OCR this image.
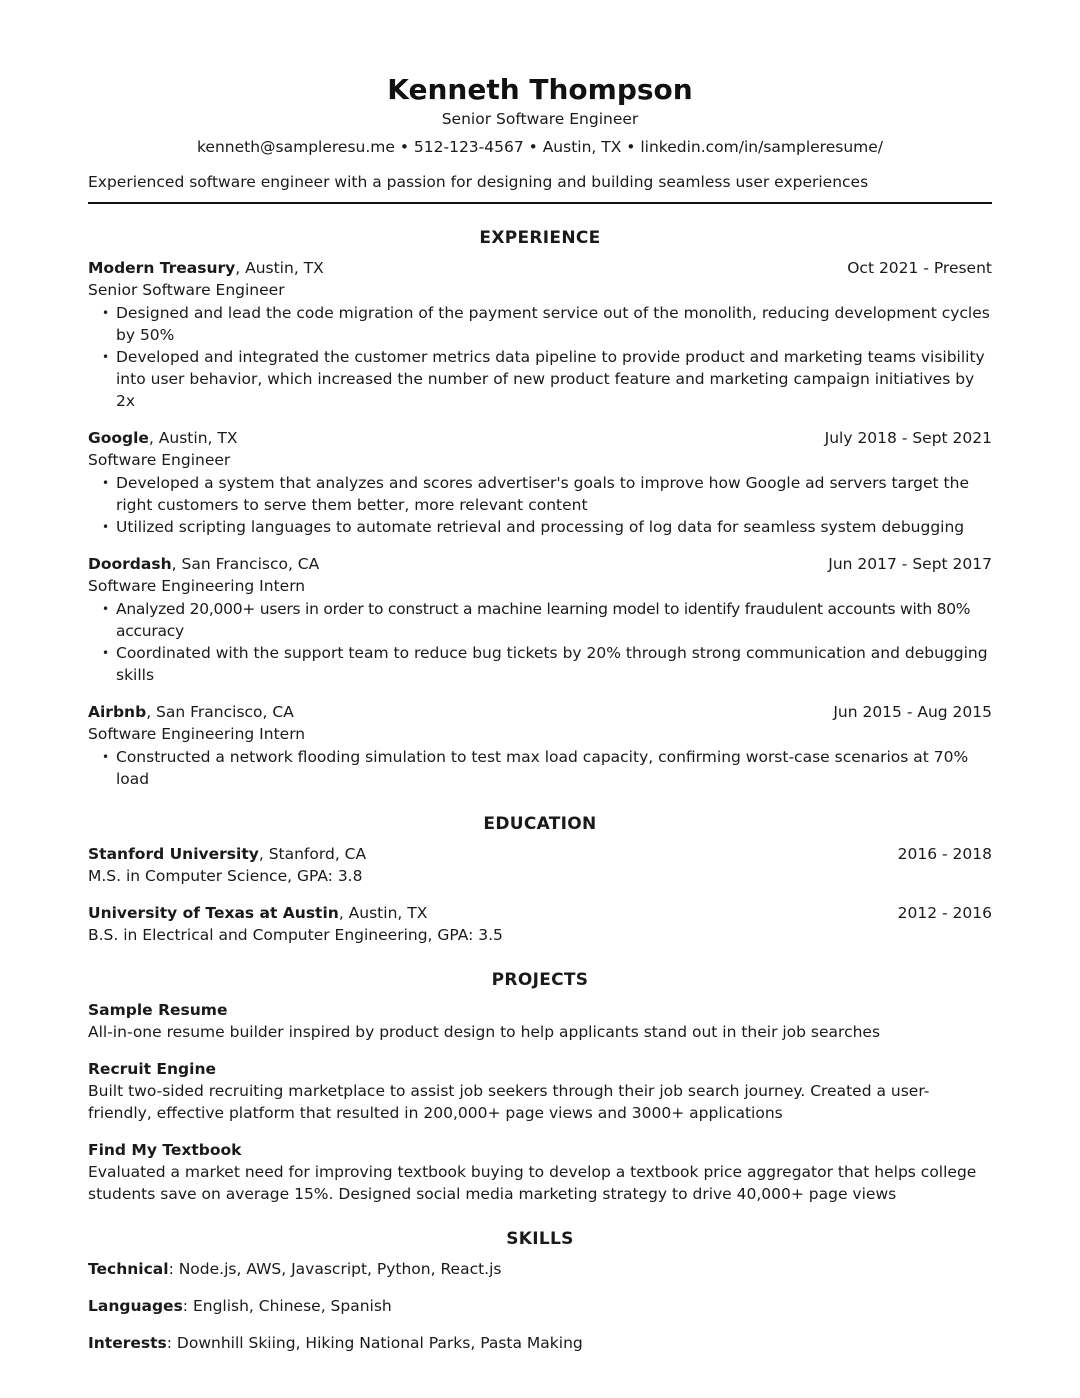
Kenneth Thompson
Senior Software Engineer
kenneth@sampleresu.me • 512-123-4567 • Austin, TX • linkedin.com/in/sampleresume/
Experienced software engineer with a passion for designing and building seamless user experiences
EXPERIENCE
Modern Treasury, Austin, TX	Oct 2021 - Present
Senior Software Engineer
• Designed and lead the code migration of the payment service out of the monolith, reducing development cycles by 50%
• Developed and integrated the customer metrics data pipeline to provide product and marketing teams visibility into user behavior, which increased the number of new product feature and marketing campaign initiatives by 2x
Google, Austin, TX	July 2018 - Sept 2021
Software Engineer
• Developed a system that analyzes and scores advertiser's goals to improve how Google ad servers target the right customers to serve them better, more relevant content
• Utilized scripting languages to automate retrieval and processing of log data for seamless system debugging
Doordash, San Francisco, CA	Jun 2017 - Sept 2017
Software Engineering Intern
• Analyzed 20,000+ users in order to construct a machine learning model to identify fraudulent accounts with 80% accuracy
• Coordinated with the support team to reduce bug tickets by 20% through strong communication and debugging skills
Airbnb, San Francisco, CA	Jun 2015 - Aug 2015
Software Engineering Intern
• Constructed a network flooding simulation to test max load capacity, confirming worst-case scenarios at 70% load
EDUCATION
Stanford University, Stanford, CA	2016 - 2018
M.S. in Computer Science, GPA: 3.8
University of Texas at Austin, Austin, TX	2012 - 2016
B.S. in Electrical and Computer Engineering, GPA: 3.5
PROJECTS
Sample Resume
All-in-one resume builder inspired by product design to help applicants stand out in their job searches
Recruit Engine
Built two-sided recruiting marketplace to assist job seekers through their job search journey. Created a user-friendly, effective platform that resulted in 200,000+ page views and 3000+ applications
Find My Textbook
Evaluated a market need for improving textbook buying to develop a textbook price aggregator that helps college students save on average 15%. Designed social media marketing strategy to drive 40,000+ page views
SKILLS
Technical: Node.js, AWS, Javascript, Python, React.js
Languages: English, Chinese, Spanish
Interests: Downhill Skiing, Hiking National Parks, Pasta Making
